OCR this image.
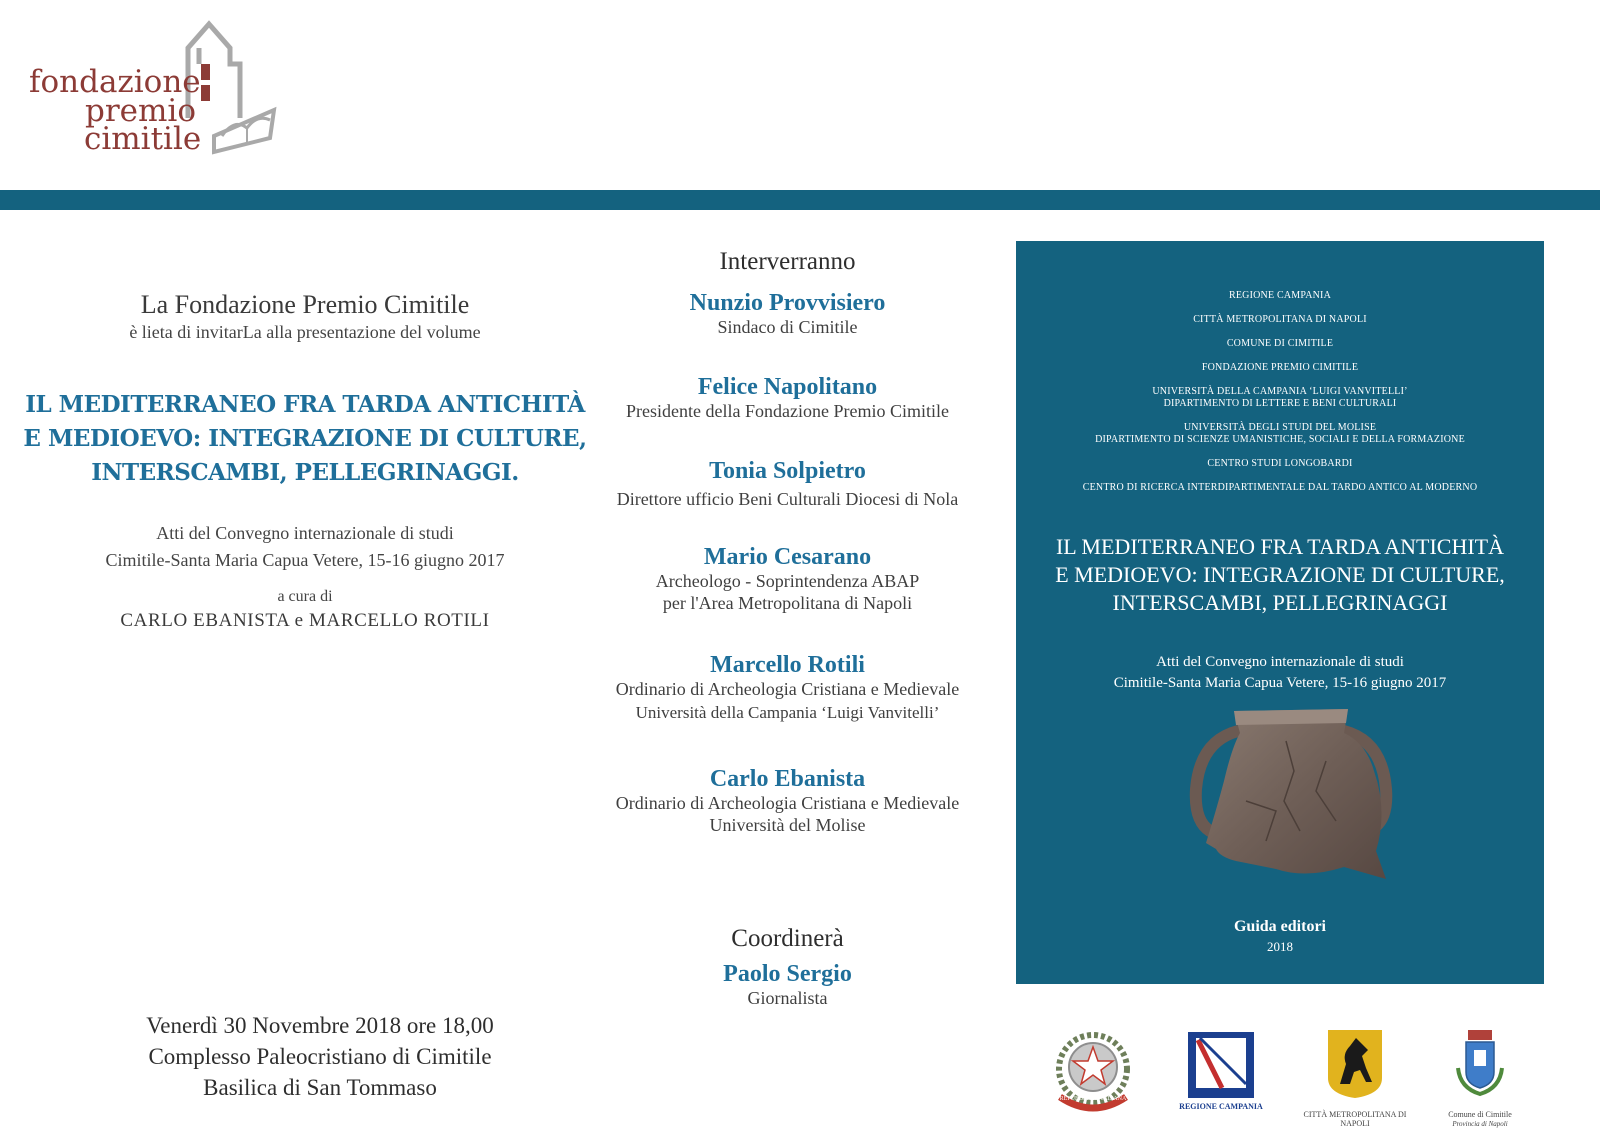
fondazione
premio
cimitile
La Fondazione Premio Cimitile
è lieta di invitarLa alla presentazione del volume
IL MEDITERRANEO FRA TARDA ANTICHITÀ
E MEDIOEVO: INTEGRAZIONE DI CULTURE,
INTERSCAMBI, PELLEGRINAGGI.
Atti del Convegno internazionale di studi
Cimitile-Santa Maria Capua Vetere, 15-16 giugno 2017
a cura di
CARLO EBANISTA e MARCELLO ROTILI
Venerdì 30 Novembre 2018 ore 18,00
Complesso Paleocristiano di Cimitile
Basilica di San Tommaso
Interverranno
Nunzio Provvisiero
Sindaco di Cimitile
Felice Napolitano
Presidente della Fondazione Premio Cimitile
Tonia Solpietro
Direttore ufficio Beni Culturali Diocesi di Nola
Mario Cesarano
Archeologo - Soprintendenza ABAP
per l'Area Metropolitana di Napoli
Marcello Rotili
Ordinario di Archeologia Cristiana e Medievale
Università della Campania ‘Luigi Vanvitelli’
Carlo Ebanista
Ordinario di Archeologia Cristiana e Medievale
Università del Molise
Coordinerà
Paolo Sergio
Giornalista
REGIONE CAMPANIA
CITTÀ METROPOLITANA DI NAPOLI
COMUNE DI CIMITILE
FONDAZIONE PREMIO CIMITILE
UNIVERSITÀ DELLA CAMPANIA ‘LUIGI VANVITELLI’
DIPARTIMENTO DI LETTERE E BENI CULTURALI
UNIVERSITÀ DEGLI STUDI DEL MOLISE
DIPARTIMENTO DI SCIENZE UMANISTICHE, SOCIALI E DELLA FORMAZIONE
CENTRO STUDI LONGOBARDI
CENTRO DI RICERCA INTERDIPARTIMENTALE DAL TARDO ANTICO AL MODERNO
IL MEDITERRANEO FRA TARDA ANTICHITÀ
E MEDIOEVO: INTEGRAZIONE DI CULTURE,
INTERSCAMBI, PELLEGRINAGGI
Atti del Convegno internazionale di studi
Cimitile-Santa Maria Capua Vetere, 15-16 giugno 2017
Guida editori
2018
REPUBBLICA ITALIANA
REGIONE CAMPANIA
CITTÀ METROPOLITANA DI NAPOLI
Comune di Cimitile
Provincia di Napoli
